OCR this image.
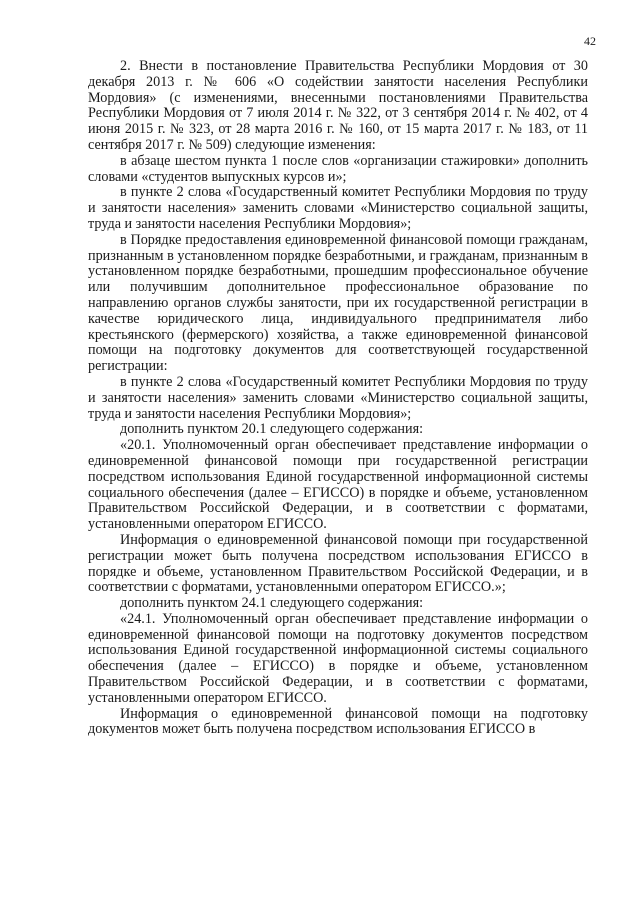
42

2. Внести в постановление Правительства Республики Мордовия от 30 декабря 2013 г. № 606 «О содействии занятости населения Республики Мордовия» (с изменениями, внесенными постановлениями Правительства Республики Мордовия от 7 июля 2014 г. № 322, от 3 сентября 2014 г. № 402, от 4 июня 2015 г. № 323, от 28 марта 2016 г. № 160, от 15 марта 2017 г. № 183, от 11 сентября 2017 г. № 509) следующие изменения:

в абзаце шестом пункта 1 после слов «организации стажировки» дополнить словами «студентов выпускных курсов и»;

в пункте 2 слова «Государственный комитет Республики Мордовия по труду и занятости населения» заменить словами «Министерство социальной защиты, труда и занятости населения Республики Мордовия»;

в Порядке предоставления единовременной финансовой помощи гражданам, признанным в установленном порядке безработными, и гражданам, признанным в установленном порядке безработными, прошедшим профессиональное обучение или получившим дополнительное профессиональное образование по направлению органов службы занятости, при их государственной регистрации в качестве юридического лица, индивидуального предпринимателя либо крестьянского (фермерского) хозяйства, а также единовременной финансовой помощи на подготовку документов для соответствующей государственной регистрации:

в пункте 2 слова «Государственный комитет Республики Мордовия по труду и занятости населения» заменить словами «Министерство социальной защиты, труда и занятости населения Республики Мордовия»;

дополнить пунктом 20.1 следующего содержания:

«20.1. Уполномоченный орган обеспечивает представление информации о единовременной финансовой помощи при государственной регистрации посредством использования Единой государственной информационной системы социального обеспечения (далее – ЕГИССО) в порядке и объеме, установленном Правительством Российской Федерации, и в соответствии с форматами, установленными оператором ЕГИССО.

Информация о единовременной финансовой помощи при государственной регистрации может быть получена посредством использования ЕГИССО в порядке и объеме, установленном Правительством Российской Федерации, и в соответствии с форматами, установленными оператором ЕГИССО.»;

дополнить пунктом 24.1 следующего содержания:

«24.1. Уполномоченный орган обеспечивает представление информации о единовременной финансовой помощи на подготовку документов посредством использования Единой государственной информационной системы социального обеспечения (далее – ЕГИССО) в порядке и объеме, установленном Правительством Российской Федерации, и в соответствии с форматами, установленными оператором ЕГИССО.

Информация о единовременной финансовой помощи на подготовку документов может быть получена посредством использования ЕГИССО в
